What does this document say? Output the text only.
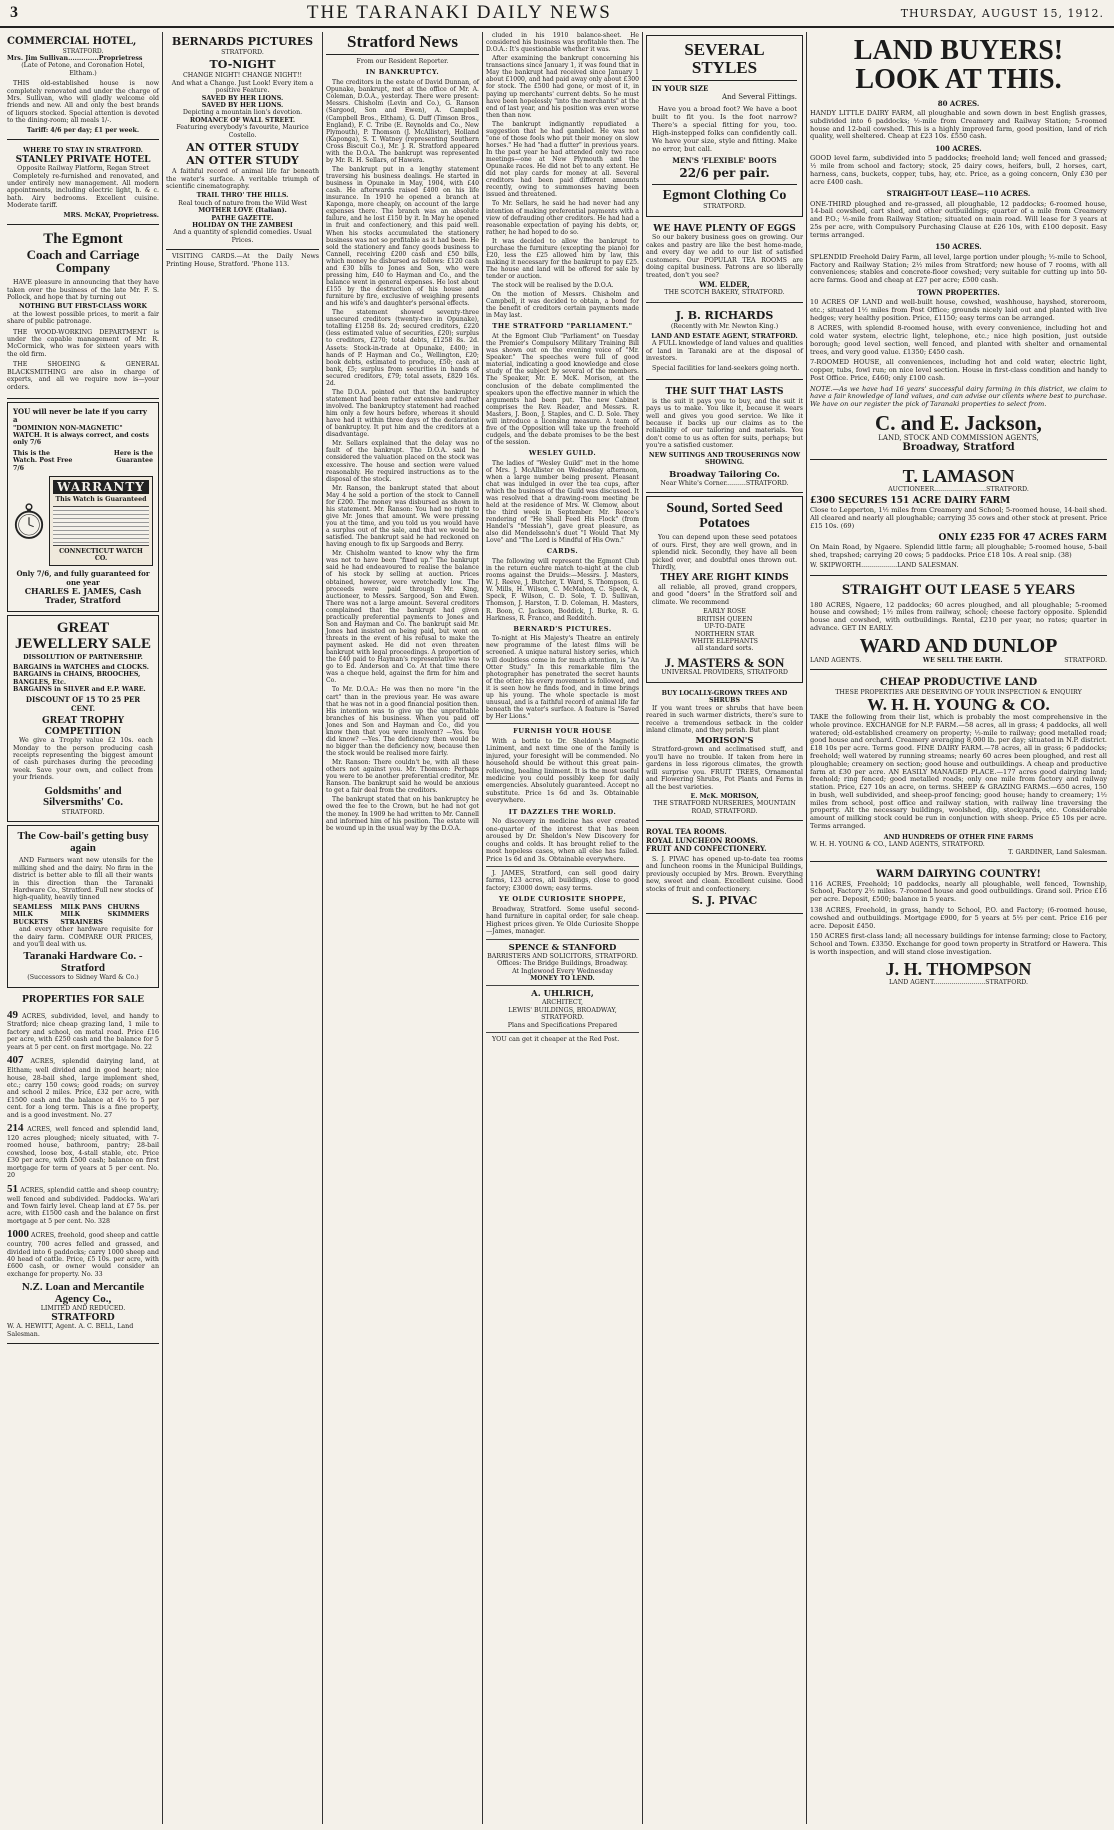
3	THE TARANAKI DAILY NEWS	THURSDAY, AUGUST 15, 1912.
COMMERCIAL HOTEL,
STRATFORD.
Mrs. Jim Sullivan..............Proprietress
(Late of Petone, and Coronation Hotel, Eltham.)
THIS old-established house is now completely renovated and under the charge of Mrs. Sullivan, who will gladly welcome old friends and new. All and only the best brands of liquors stocked. Special attention is devoted to the dining-room; all meals 1/-.
Tariff: 4/6 per day; £1 per week.
WHERE TO STAY IN STRATFORD.
STANLEY PRIVATE HOTEL
Opposite Railway Platform, Regan Street
Completely re-furnished and renovated, and under entirely new management. All modern appointments, including electric light, h. & c. bath. Airy bedrooms. Excellent cuisine. Moderate tariff.
MRS. McKAY, Proprietress.
The Egmont
Coach and Carriage Company
HAVE pleasure in announcing that they have taken over the business of the late Mr. F. S. Pollock, and hope that by turning out
NOTHING BUT FIRST-CLASS WORK
at the lowest possible prices, to merit a fair share of public patronage.
THE WOOD-WORKING DEPARTMENT is under the capable management of Mr. R. McCormick, who was for sixteen years with the old firm.
THE SHOEING & GENERAL BLACKSMITHING are also in charge of experts, and all we require now is—your orders.
YOU will never be late if you carry a
"DOMINION NON-MAGNETIC" WATCH. It is always correct, and costs only 7/6
This is the Watch. Post Free 7/6
Here is the Guarantee
WARRANTY
This Watch is Guaranteed
CONNECTICUT WATCH CO.
Only 7/6, and fully guaranteed for one year
CHARLES E. JAMES, Cash Trader, Stratford
GREAT JEWELLERY SALE
DISSOLUTION OF PARTNERSHIP.
BARGAINS in WATCHES and CLOCKS.
BARGAINS in CHAINS, BROOCHES, BANGLES, Etc.
BARGAINS in SILVER and E.P. WARE.
DISCOUNT OF 15 TO 25 PER CENT.
GREAT TROPHY COMPETITION
We give a Trophy value £2 10s. each Monday to the person producing cash receipts representing the biggest amount of cash purchases during the preceding week. Save your own, and collect from your friends.
Goldsmiths' and Silversmiths' Co.
STRATFORD.
The Cow-bail's getting busy again
AND Farmers want new utensils for the milking shed and the dairy. No firm in the district is better able to fill all their wants in this direction than the Taranaki Hardware Co., Stratford. Full new stocks of high-quality, heavily tinned
SEAMLESS	MILK PANS CHURNS
MILK BUCKETS
MILK STRAINERS
SKIMMERS
and every other hardware requisite for the dairy farm. COMPARE OUR PRICES, and you'll deal with us.
Taranaki Hardware Co. - Stratford
(Successors to Sidney Ward & Co.)
PROPERTIES FOR SALE
49 ACRES, subdivided, level, and handy to Stratford; nice cheap grazing land, 1 mile to factory and school, on metal road. Price £16 per acre, with £250 cash and the balance for 5 years at 5 per cent. on first mortgage. No. 22
407 ACRES, splendid dairying land, at Eltham; well divided and in good heart; nice house, 28-bail shed, large implement shed, etc.; carry 150 cows; good roads; on survey and school 2 miles. Price, £32 per acre, with £1500 cash and the balance at 4½ to 5 per cent. for a long term. This is a fine property, and is a good investment. No. 27
214 ACRES, well fenced and splendid land, 120 acres ploughed; nicely situated, with 7-roomed house, bathroom, pantry; 28-bail cowshed, loose box, 4-stall stable, etc. Price £30 per acre, with £500 cash; balance on first mortgage for term of years at 5 per cent. No. 20
51 ACRES, splendid cattle and sheep country; well fenced and subdivided. Paddocks. Wa'ari and Town fairly level. Cheap land at £7 5s. per acre, with £1500 cash and the balance on first mortgage at 5 per cent. No. 328
1000 ACRES, freehold, good sheep and cattle country, 700 acres felled and grassed, and divided into 6 paddocks; carry 1000 sheep and 40 head of cattle. Price, £5 10s. per acre, with £600 cash, or owner would consider an exchange for property. No. 33
N.Z. Loan and Mercantile Agency Co.,
LIMITED AND REDUCED.
STRATFORD
W. A. HEWITT, Agent. A. C. BELL, Land Salesman.
BERNARDS PICTURES
STRATFORD.
TO-NIGHT
CHANGE NIGHT! CHANGE NIGHT!!
And what a Change. Just Look! Every item a positive Feature.
SAVED BY HER LIONS.
SAVED BY HER LIONS.
Depicting a mountain lion's devotion.
ROMANCE OF WALL STREET.
Featuring everybody's favourite, Maurice Costello.
AN OTTER STUDY
AN OTTER STUDY
A faithful record of animal life far beneath the water's surface. A veritable triumph of scientific cinematography.
TRAIL THRO' THE HILLS.
Real touch of nature from the Wild West
MOTHER LOVE (Italian).
PATHE GAZETTE.
HOLIDAY ON THE ZAMBESI
And a quantity of splendid comedies. Usual Prices.
VISITING CARDS.—At the Daily News Printing House, Stratford. 'Phone 113.
Stratford News
From our Resident Reporter.
IN BANKRUPTCY.

The creditors in the estate of David Dunnan, of Opunake, bankrupt, met at the office of Mr. A. Coleman, D.O.A., yesterday. There were present: Messrs. Chisholm (Levin and Co.), G. Ranson (Sargood, Son and Ewen), A. Campbell (Campbell Bros., Eltham), G. Duff (Timson Bros., England), F. C. Tribe (E. Reynolds and Co., New Plymouth), P. Thomson (J. McAllister), Holland (Kaponga), S. T. Watney (representing Southern Cross Biscuit Co.), Mr. J. R. Stratford appeared with the D.O.A. The bankrupt was represented by Mr. R. H. Sellars, of Hawera.

The bankrupt put in a lengthy statement traversing his business dealings. He started in business in Opunake in May, 1904, with £40 cash. He afterwards raised £400 on his life insurance. In 1910 he opened a branch at Kaponga, more cheaply, on account of the large expenses there. The branch was an absolute failure, and he lost £150 by it. In May he opened in fruit and confectionery, and this paid well. When his stocks accumulated the stationery business was not so profitable as it had been. He sold the stationery and fancy goods business to Cannell, receiving £200 cash and £50 bills, which money he disbursed as follows: £120 cash and £30 bills to Jones and Son, who were pressing him, £40 to Hayman and Co., and the balance went in general expenses. He lost about £155 by the destruction of his house and furniture by fire, exclusive of weighing presents and his wife's and daughter's personal effects.

The statement showed seventy-three unsecured creditors (twenty-two in Opunake), totalling £1258 8s. 2d; secured creditors, £220 (less estimated value of securities, £20); surplus to creditors, £270; total debts, £1258 8s. 2d. Assets: Stock-in-trade at Opunake, £400; in hands of P. Hayman and Co., Wellington, £20; book debts, estimated to produce, £50; cash at bank, £5; surplus from securities in hands of secured creditors, £79; total assets, £829 16s. 2d.

The D.O.A. pointed out that the bankruptcy statement had been rather extensive and rather involved. The bankruptcy statement had reached him only a few hours before, whereas it should have had it within three days of the declaration of bankruptcy. It put him and the creditors at a disadvantage.

Mr. Sellars explained that the delay was no fault of the bankrupt. The D.O.A. said he considered the valuation placed on the stock was excessive. The house and section were valued reasonably. He required instructions as to the disposal of the stock.

Mr. Ranson, the bankrupt stated that about May 4 he sold a portion of the stock to Cannell for £200. The money was disbursed as shown in his statement. Mr. Ranson: You had no right to give Mr. Jones that amount. We were pressing you at the time, and you told us you would have a surplus out of the sale, and that we would be satisfied. The bankrupt said he had reckoned on having enough to fix up Sargoods and Berry.

Mr. Chisholm wanted to know why the firm was not to have been "fixed up." The bankrupt said he had endeavoured to realise the balance of his stock by selling at auction. Prices obtained, however, were wretchedly low. The proceeds were paid through Mr. King, auctioneer, to Messrs. Sargood, Son and Ewen. There was not a large amount. Several creditors complained that the bankrupt had given practically preferential payments to Jones and Son and Hayman and Co. The bankrupt said Mr. Jones had insisted on being paid, but went on threats in the event of his refusal to make the payment asked. He did not even threaten bankrupt with legal proceedings. A proportion of the £40 paid to Hayman's representative was to go to Ed. Anderson and Co. At that time there was a cheque held, against the firm for him and Co.

To Mr. D.O.A.: He was then no more "in the cart" than in the previous year. He was aware that he was not in a good financial position then. His intention was to give up the unprofitable branches of his business. When you paid off Jones and Son and Hayman and Co., did you know then that you were insolvent? —Yes. You did know? —Yes. The deficiency then would be no bigger than the deficiency now, because then the stock would be realised more fairly.

Mr. Ranson: There couldn't be, with all these others not against you. Mr. Thomson: Perhaps you were to be another preferential creditor, Mr. Ranson. The bankrupt said he would be anxious to get a fair deal from the creditors.

The bankrupt stated that on his bankruptcy he owed the fee to the Crown, but he had not got the money. In 1909 he had written to Mr. Cannell and informed him of his position. The estate will be wound up in the usual way by the D.O.A.

cluded in his 1910 balance-sheet. He considered his business was profitable then. The D.O.A.: It's questionable whether it was.

After examining the bankrupt concerning his transactions since January 1, it was found that in May the bankrupt had received since January 1 about £1000, and had paid away only about £300 for stock. The £500 had gone, or most of it, in paying up merchants' current debts. So he must have been hopelessly "into the merchants" at the end of last year, and his position was even worse then than now.

The bankrupt indignantly repudiated a suggestion that he had gambled. He was not "one of those fools who put their money on slow horses." He had "had a flutter" in previous years. In the past year he had attended only two race meetings—one at New Plymouth and the Opunake races. He did not bet to any extent. He did not play cards for money at all. Several creditors had been paid different amounts recently, owing to summonses having been issued and threatened.

To Mr. Sellars, he said he had never had any intention of making preferential payments with a view of defrauding other creditors. He had had a reasonable expectation of paying his debts, or, rather, he had hoped to do so.

It was decided to allow the bankrupt to purchase the furniture (excepting the piano) for £20, less the £25 allowed him by law, this making it necessary for the bankrupt to pay £25. The house and land will be offered for sale by tender or auction.

The stock will be realised by the D.O.A.

On the motion of Messrs. Chisholm and Campbell, it was decided to obtain, a bond for the benefit of creditors certain payments made in May last.

THE STRATFORD "PARLIAMENT."

At the Egmont Club "Parliament" on Tuesday the Premier's Compulsory Military Training Bill was shown out on the evening voice of "Mr. Speaker." The speeches were full of good material, indicating a good knowledge and close study of the subject by several of the members. The Speaker, Mr. E. McK. Morison, at the conclusion of the debate complimented the speakers upon the effective manner in which the arguments had been put. The new Cabinet comprises the Rev. Reader, and Messrs. R. Masters, J. Boon, J. Staples, and C. D. Sole. They will introduce a licensing measure. A team of five of the Opposition will take up the freehold cudgels, and the debate promises to be the best of the session.

WESLEY GUILD.

The ladies of "Wesley Guild" met in the home of Mrs. J. McAllister on Wednesday afternoon, when a large number being present. Pleasant chat was indulged in over the tea cups, after which the business of the Guild was discussed. It was resolved that a drawing-room meeting be held at the residence of Mrs. W. Clemow, about the third week in September. Mr. Reece's rendering of "He Shall Feed His Flock" (from Handel's "Messiah"), gave great pleasure, as also did Mendelssohn's duet "I Would That My Love" and "The Lord is Mindful of His Own."

CARDS.

The following will represent the Egmont Club in the return euchre match to-night at the club rooms against the Druids:—Messrs. J. Masters, W. J. Reeve, J. Butcher, T. Ward, S. Thompson, G. W. Mills, H. Wilson, C. McMahon, C. Speck, A. Speck, F. Wilson, C. D. Sole, T. D. Sullivan, Thomson, J. Harston, T. D. Coleman, H. Masters, R. Boon, C. Jackson, Boddick, J. Burke, R. G. Harkness, R. Franco, and Redditch.

BERNARD'S PICTURES.

To-night at His Majesty's Theatre an entirely new programme of the latest films will be screened. A unique natural history series, which will doubtless come in for much attention, is "An Otter Study." In this remarkable film the photographer has penetrated the secret haunts of the otter; his every movement is followed, and it is seen how he finds food, and in time brings up his young. The whole spectacle is most unusual, and is a faithful record of animal life far beneath the water's surface. A feature is "Saved by Her Lions."

FURNISH YOUR HOUSE

With a bottle to Dr. Sheldon's Magnetic Liniment, and next time one of the family is injured, your foresight will be commended. No household should be without this great pain-relieving, healing liniment. It is the most useful medicine you could possibly keep for daily emergencies. Absolutely guaranteed. Accept no substitute. Price 1s 6d and 3s. Obtainable everywhere.

IT DAZZLES THE WORLD.

No discovery in medicine has ever created one-quarter of the interest that has been aroused by Dr. Sheldon's New Discovery for coughs and colds. It has brought relief to the most hopeless cases, when all else has failed. Price 1s 6d and 3s. Obtainable everywhere.

J. JAMES, Stratford, can sell good dairy farms, 123 acres, all buildings, close to good factory; £3000 down; easy terms.

YE OLDE CURIOSITE SHOPPE,

Broadway, Stratford. Some useful second-hand furniture in capital order, for sale cheap. Highest prices given. Ye Olde Curiosite Shoppe—James, manager.

SPENCE & STANFORD
BARRISTERS AND SOLICITORS, STRATFORD.
Offices: The Bridge Buildings, Broadway.
At Inglewood Every Wednesday
MONEY TO LEND.
A. UHLRICH,
ARCHITECT,
LEWIS' BUILDINGS, BROADWAY, STRATFORD.
Plans and Specifications Prepared

YOU can get it cheaper at the Red Post.

SEVERAL STYLES
IN YOUR SIZE
And Several Fittings.
Have you a broad foot? We have a boot built to fit you. Is the foot narrow? There's a special fitting for you, too. High-instepped folks can confidently call. We have your size, style and fitting. Make no error, but call.
MEN'S 'FLEXIBLE' BOOTS
22/6 per pair.
Egmont Clothing Co
STRATFORD.
WE HAVE PLENTY OF EGGS
So our bakery business goes on growing. Our cakes and pastry are like the best home-made, and every day we add to our list of satisfied customers. Our POPULAR TEA ROOMS are doing capital business. Patrons are so liberally treated, don't you see?
WM. ELDER,
THE SCOTCH BAKERY, STRATFORD.
J. B. RICHARDS
(Recently with Mr. Newton King.)
LAND AND ESTATE AGENT, STRATFORD.
A FULL knowledge of land values and qualities of land in Taranaki are at the disposal of investors.
Special facilities for land-seekers going north.
THE SUIT THAT LASTS
is the suit it pays you to buy, and the suit it pays us to make. You like it, because it wears well and gives you good service. We like it because it backs up our claims as to the reliability of our tailoring and materials. You don't come to us as often for suits, perhaps; but you're a satisfied customer.
NEW SUITINGS AND TROUSERINGS NOW SHOWING.
Broadway Tailoring Co.
Near White's Corner..........STRATFORD.
Sound, Sorted Seed Potatoes
You can depend upon these seed potatoes of ours. First, they are well grown, and in splendid nick. Secondly, they have all been picked over, and doubtful ones thrown out. Thirdly,
THEY ARE RIGHT KINDS
all reliable, all proved, grand croppers, and good "doers" in the Stratford soil and climate. We recommend
EARLY ROSE
BRITISH QUEEN
UP-TO-DATE
NORTHERN STAR
WHITE ELEPHANTS
all standard sorts.
J. MASTERS & SON
UNIVERSAL PROVIDERS, STRATFORD
BUY LOCALLY-GROWN TREES AND SHRUBS
If you want trees or shrubs that have been reared in such warmer districts, there's sure to receive a tremendous setback in the colder inland climate, and they perish. But plant
MORISON'S
Stratford-grown and acclimatised stuff, and you'll have no trouble. If taken from here in gardens in less rigorous climates, the growth will surprise you. FRUIT TREES, Ornamental and Flowering Shrubs, Pot Plants and Ferns in all the best varieties.
E. McK. MORISON,
THE STRATFORD NURSERIES, MOUNTAIN ROAD, STRATFORD.
ROYAL TEA ROOMS.
ROYAL LUNCHEON ROOMS.
FRUIT AND CONFECTIONERY.
S. J. PIVAC has opened up-to-date tea rooms and luncheon rooms in the Municipal Buildings, previously occupied by Mrs. Brown. Everything new, sweet and clean. Excellent cuisine. Good stocks of fruit and confectionery.
S. J. PIVAC
LAND BUYERS!
LOOK AT THIS.
80 ACRES.
HANDY LITTLE DAIRY FARM, all ploughable and sown down in best English grasses, subdivided into 6 paddocks; ½-mile from Creamery and Railway Station; 5-roomed house and 12-bail cowshed. This is a highly improved farm, good position, land of rich quality, well sheltered. Cheap at £23 10s. £550 cash.
100 ACRES.
GOOD level farm, subdivided into 5 paddocks; freehold land; well fenced and grassed; ½ mile from school and factory; stock, 25 dairy cows, heifers, bull, 2 horses, cart, harness, cans, buckets, copper, tubs, hay, etc. Price, as a going concern, Only £30 per acre £400 cash.
STRAIGHT-OUT LEASE—110 ACRES.
ONE-THIRD ploughed and re-grassed, all ploughable, 12 paddocks; 6-roomed house, 14-bail cowshed, cart shed, and other outbuildings; quarter of a mile from Creamery and P.O.; ½-mile from Railway Station; situated on main road. Will lease for 3 years at 25s per acre, with Compulsory Purchasing Clause at £26 10s, with £100 deposit. Easy terms arranged.
150 ACRES.
SPLENDID Freehold Dairy Farm, all level, large portion under plough; ½-mile to School, Factory and Railway Station; 2½ miles from Stratford; new house of 7 rooms, with all conveniences; stables and concrete-floor cowshed; very suitable for cutting up into 50-acre farms. Good and cheap at £27 per acre; £500 cash.
TOWN PROPERTIES.
10 ACRES OF LAND and well-built house, cowshed, washhouse, hayshed, storeroom, etc.; situated 1½ miles from Post Office; grounds nicely laid out and planted with live hedges; very healthy position. Price, £1150; easy terms can be arranged.
8 ACRES, with splendid 8-roomed house, with every convenience, including hot and cold water system, electric light, telephone, etc.; nice high position, just outside borough; good level section, well fenced, and planted with shelter and ornamental trees, and very good value. £1350; £450 cash.
7-ROOMED HOUSE, all conveniences, including hot and cold water, electric light, copper, tubs, fowl run; on nice level section. House in first-class condition and handy to Post Office. Price, £460; only £100 cash.
NOTE.—As we have had 16 years' successful dairy farming in this district, we claim to have a fair knowledge of land values, and can advise our clients where best to purchase. We have on our register the pick of Taranaki properties to select from.
C. and E. Jackson,
LAND, STOCK AND COMMISSION AGENTS,
Broadway, Stratford
T. LAMASON
AUCTIONEER..........................STRATFORD.
£300 SECURES 151 ACRE DAIRY FARM
Close to Lepperton, 1½ miles from Creamery and School; 5-roomed house, 14-bail shed. All cleared and nearly all ploughable; carrying 35 cows and other stock at present. Price £15 10s. (69)
ONLY £235 FOR 47 ACRES FARM
On Main Road, by Ngaere. Splendid little farm; all ploughable; 5-roomed house, 5-bail shed, trapshed; carrying 20 cows; 5 paddocks. Price £18 10s. A real snip. (38)
W. SKIPWORTH..................LAND SALESMAN.
STRAIGHT OUT LEASE 5 YEARS
180 ACRES, Ngaere, 12 paddocks; 60 acres ploughed, and all ploughable; 5-roomed house and cowshed; 1½ miles from railway, school; cheese factory opposite. Splendid house and cowshed, with outbuildings. Rental, £210 per year, no rates; quarter in advance. GET IN EARLY.
WARD AND DUNLOP
LAND AGENTS.	WE SELL THE EARTH.	STRATFORD.
CHEAP PRODUCTIVE LAND
THESE PROPERTIES ARE DESERVING OF YOUR INSPECTION & ENQUIRY
W. H. H. YOUNG & CO.
TAKE the following from their list, which is probably the most comprehensive in the whole province. EXCHANGE for N.P. FARM.—58 acres, all in grass; 4 paddocks, all well watered; old-established creamery on property; ½-mile to railway; good metalled road; good house and orchard. Creamery averaging 8,000 lb. per day; situated in N.P. district. £18 10s per acre. Terms good. FINE DAIRY FARM.—78 acres, all in grass; 6 paddocks; freehold; well watered by running streams; nearly 60 acres been ploughed, and rest all ploughable; creamery on section; good house and outbuildings. A cheap and productive farm at £30 per acre. AN EASILY MANAGED PLACE.—177 acres good dairying land; freehold; ring fenced; good metalled roads; only one mile from factory and railway station. Price, £27 10s an acre, on terms. SHEEP & GRAZING FARMS.—650 acres, 150 in bush, well subdivided, and sheep-proof fencing; good house; handy to creamery; 1½ miles from school, post office and railway station, with railway line traversing the property. Alt the necessary buildings, woolshed, dip, stockyards, etc. Considerable amount of milking stock could be run in conjunction with sheep. Price £5 10s per acre. Terms arranged.
AND HUNDREDS OF OTHER FINE FARMS
W. H. H. YOUNG & CO., LAND AGENTS, STRATFORD.
T. GARDINER, Land Salesman.
WARM DAIRYING COUNTRY!
116 ACRES, Freehold; 10 paddocks, nearly all ploughable, well fenced, Township, School, Factory 2½ miles. 7-roomed house and good outbuildings. Grand soil. Price £16 per acre. Deposit, £500; balance in 5 years.
138 ACRES, Freehold, in grass, handy to School, P.O. and Factory; (6-roomed house, cowshed and outbuildings. Mortgage £900, for 5 years at 5½ per cent. Price £16 per acre. Deposit £450.
150 ACRES first-class land; all necessary buildings for intense farming; close to Factory, School and Town. £3350. Exchange for good town property in Stratford or Hawera. This is worth inspection, and will stand close investigation.
J. H. THOMPSON
LAND AGENT..........................STRATFORD.
